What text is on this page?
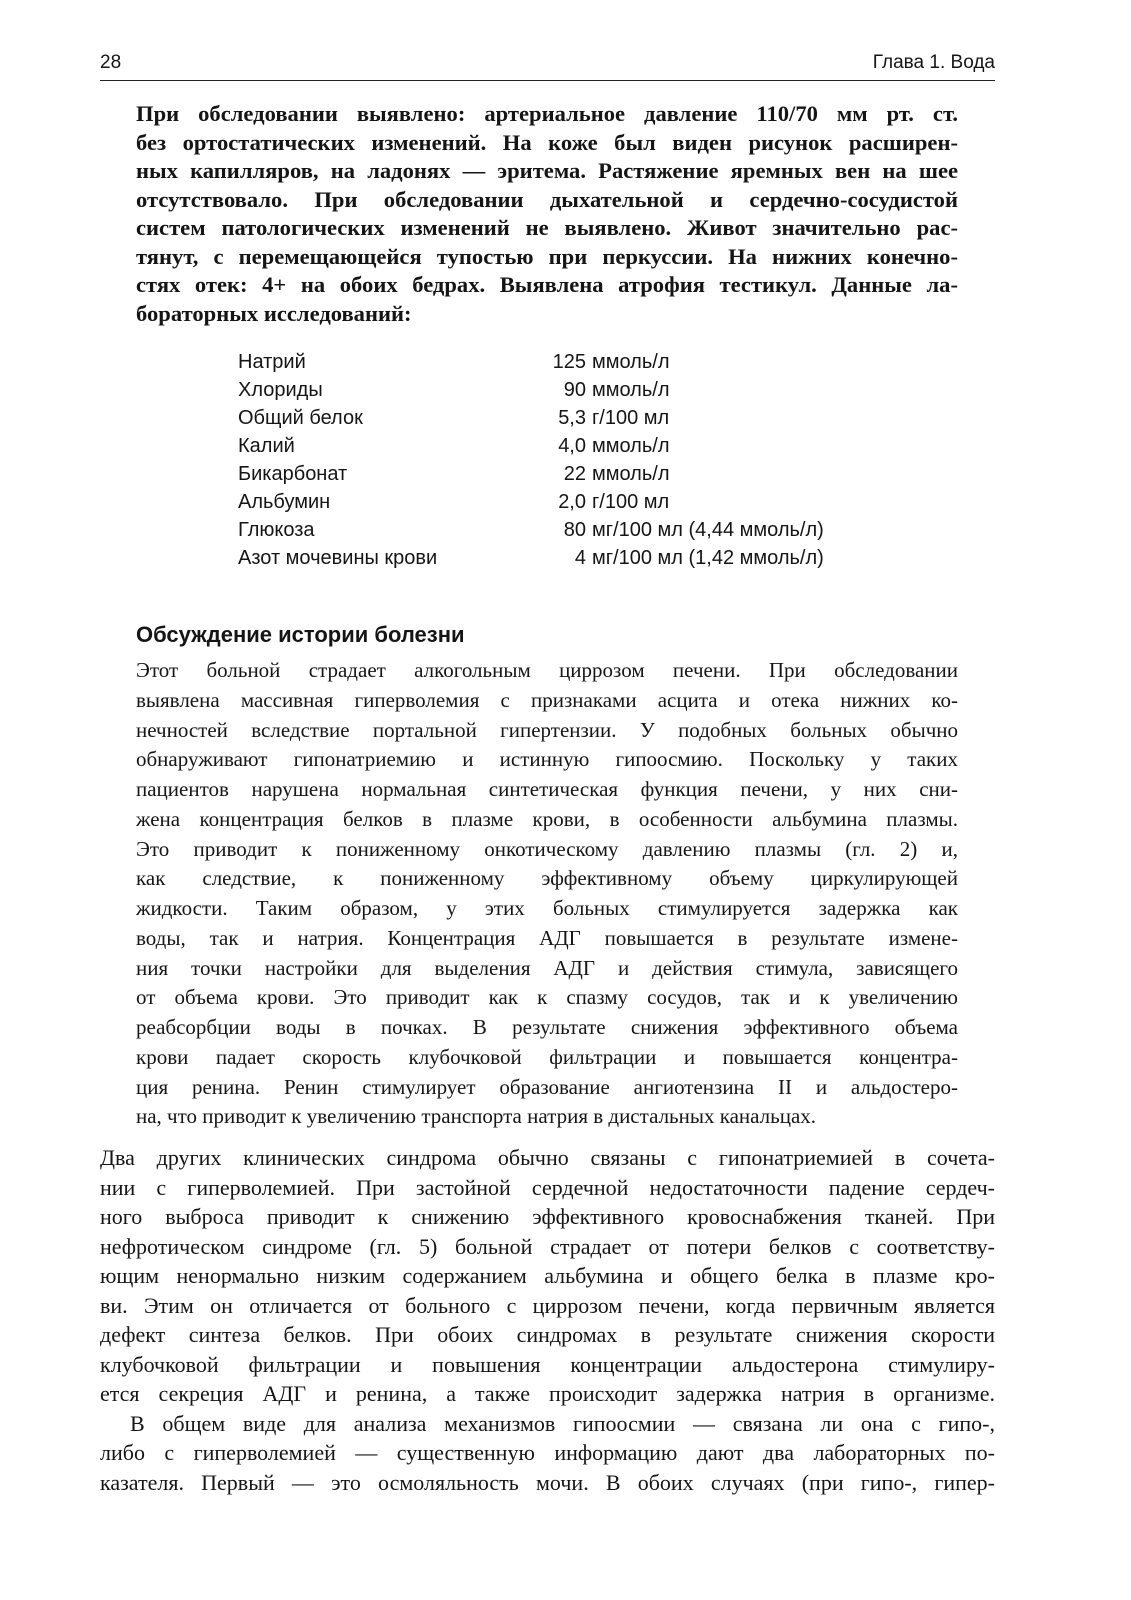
28	Глава 1. Вода
При обследовании выявлено: артериальное давление 110/70 мм рт. ст.
без ортостатических изменений. На коже был виден рисунок расширен-
ных капилляров, на ладонях — эритема. Растяжение яремных вен на шее
отсутствовало. При обследовании дыхательной и сердечно-сосудистой
систем патологических изменений не выявлено. Живот значительно рас-
тянут, с перемещающейся тупостью при перкуссии. На нижних конечно-
стях отек: 4+ на обоих бедрах. Выявлена атрофия тестикул. Данные ла-
бораторных исследований:
Натрий	125	ммоль/л
Хлориды	90	ммоль/л
Общий белок	5,3	г/100 мл
Калий	4,0	ммоль/л
Бикарбонат	22	ммоль/л
Альбумин	2,0	г/100 мл
Глюкоза	80	мг/100 мл (4,44 ммоль/л)
Азот мочевины крови	4	мг/100 мл (1,42 ммоль/л)
Обсуждение истории болезни
Этот больной страдает алкогольным циррозом печени. При обследовании
выявлена массивная гиперволемия с признаками асцита и отека нижних ко-
нечностей вследствие портальной гипертензии. У подобных больных обычно
обнаруживают гипонатриемию и истинную гипоосмию. Поскольку у таких
пациентов нарушена нормальная синтетическая функция печени, у них сни-
жена концентрация белков в плазме крови, в особенности альбумина плазмы.
Это приводит к пониженному онкотическому давлению плазмы (гл. 2) и,
как следствие, к пониженному эффективному объему циркулирующей
жидкости. Таким образом, у этих больных стимулируется задержка как
воды, так и натрия. Концентрация АДГ повышается в результате измене-
ния точки настройки для выделения АДГ и действия стимула, зависящего
от объема крови. Это приводит как к спазму сосудов, так и к увеличению
реабсорбции воды в почках. В результате снижения эффективного объема
крови падает скорость клубочковой фильтрации и повышается концентра-
ция ренина. Ренин стимулирует образование ангиотензина II и альдостеро-
на, что приводит к увеличению транспорта натрия в дистальных канальцах.
Два других клинических синдрома обычно связаны с гипонатриемией в сочета-
нии с гиперволемией. При застойной сердечной недостаточности падение сердеч-
ного выброса приводит к снижению эффективного кровоснабжения тканей. При
нефротическом синдроме (гл. 5) больной страдает от потери белков с соответству-
ющим ненормально низким содержанием альбумина и общего белка в плазме кро-
ви. Этим он отличается от больного с циррозом печени, когда первичным является
дефект синтеза белков. При обоих синдромах в результате снижения скорости
клубочковой фильтрации и повышения концентрации альдостерона стимулиру-
ется секреция АДГ и ренина, а также происходит задержка натрия в организме.
В общем виде для анализа механизмов гипоосмии — связана ли она с гипо-,
либо с гиперволемией — существенную информацию дают два лабораторных по-
казателя. Первый — это осмоляльность мочи. В обоих случаях (при гипо-, гипер-
